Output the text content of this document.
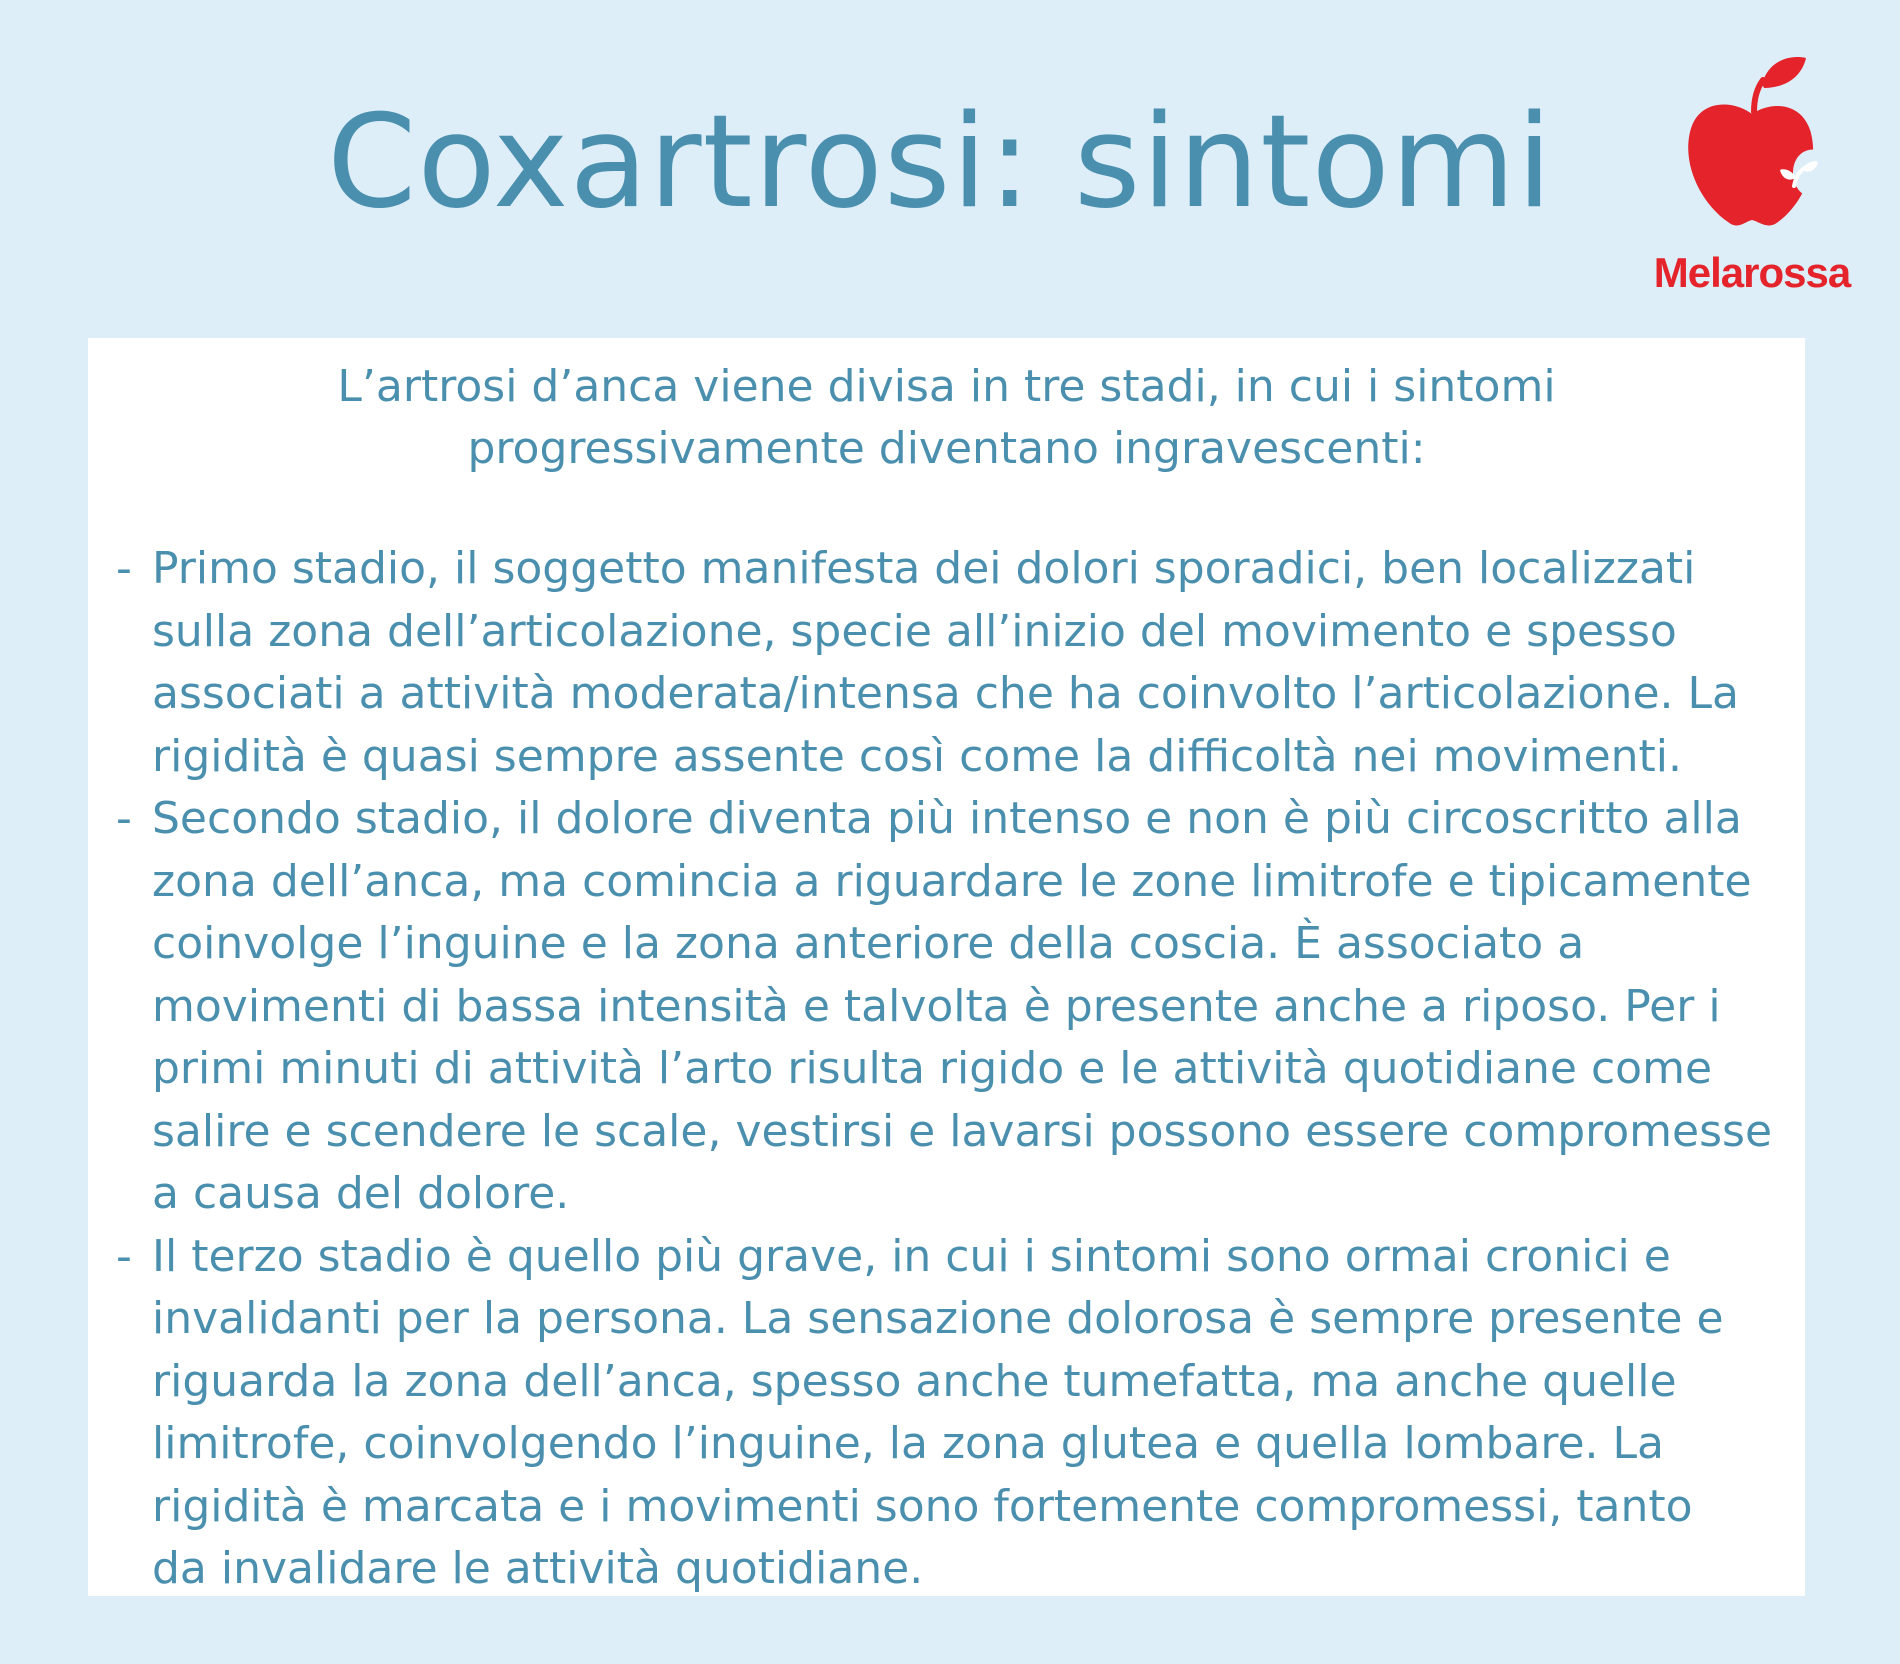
Coxartrosi: sintomi
Melarossa

L’artrosi d’anca viene divisa in tre stadi, in cui i sintomi
progressivamente diventano ingravescenti:

- Primo stadio, il soggetto manifesta dei dolori sporadici, ben localizzati
sulla zona dell’articolazione, specie all’inizio del movimento e spesso
associati a attività moderata/intensa che ha coinvolto l’articolazione. La
rigidità è quasi sempre assente così come la difficoltà nei movimenti.
- Secondo stadio, il dolore diventa più intenso e non è più circoscritto alla
zona dell’anca, ma comincia a riguardare le zone limitrofe e tipicamente
coinvolge l’inguine e la zona anteriore della coscia. È associato a
movimenti di bassa intensità e talvolta è presente anche a riposo. Per i
primi minuti di attività l’arto risulta rigido e le attività quotidiane come
salire e scendere le scale, vestirsi e lavarsi possono essere compromesse
a causa del dolore.
- Il terzo stadio è quello più grave, in cui i sintomi sono ormai cronici e
invalidanti per la persona. La sensazione dolorosa è sempre presente e
riguarda la zona dell’anca, spesso anche tumefatta, ma anche quelle
limitrofe, coinvolgendo l’inguine, la zona glutea e quella lombare. La
rigidità è marcata e i movimenti sono fortemente compromessi, tanto
da invalidare le attività quotidiane.
